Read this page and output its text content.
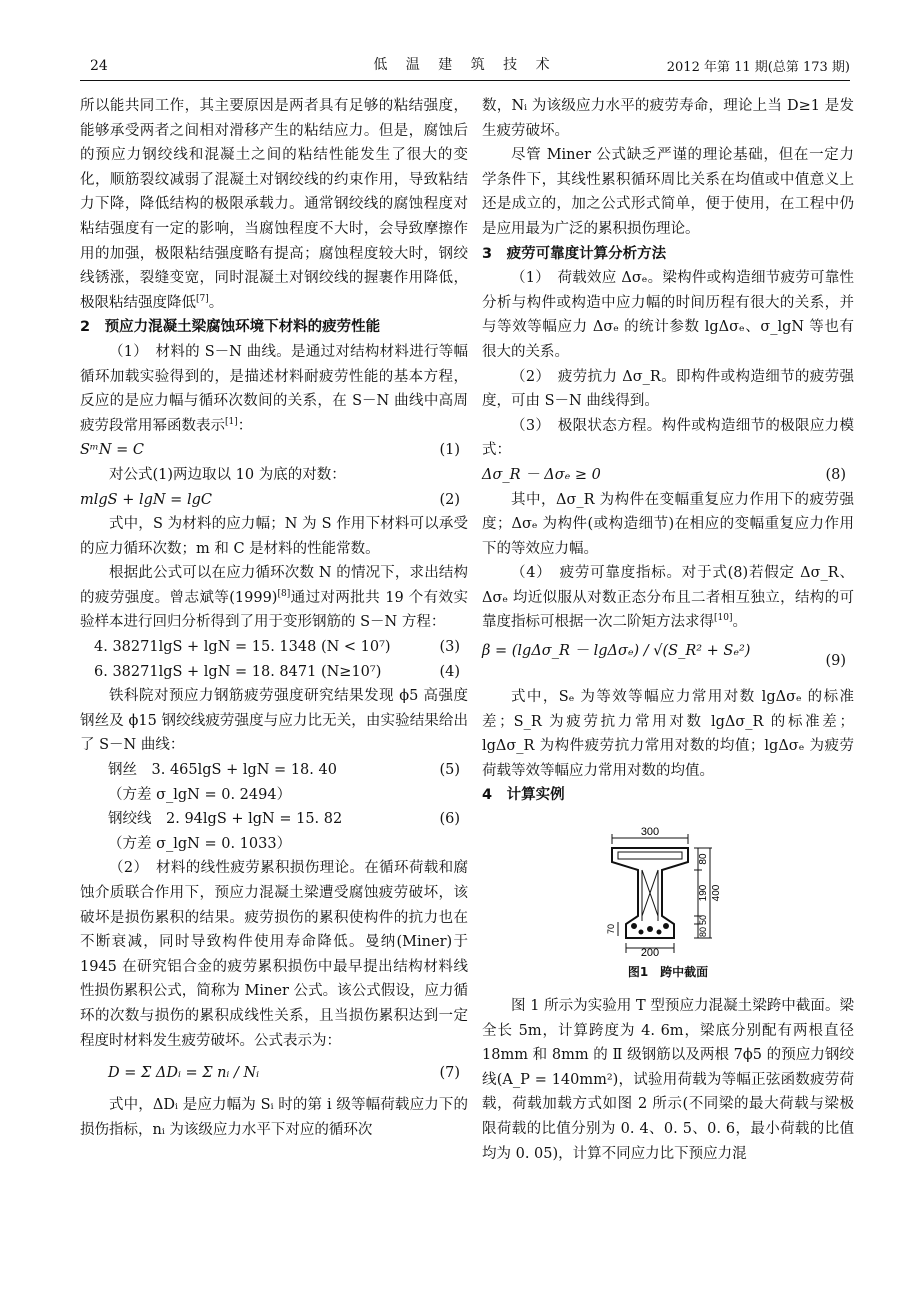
24	低 温 建 筑 技 术	2012 年第 11 期(总第 173 期)

所以能共同工作，其主要原因是两者具有足够的粘结强度，能够承受两者之间相对滑移产生的粘结应力。但是，腐蚀后的预应力钢绞线和混凝土之间的粘结性能发生了很大的变化，顺筋裂纹减弱了混凝土对钢绞线的约束作用，导致粘结力下降，降低结构的极限承载力。通常钢绞线的腐蚀程度对粘结强度有一定的影响，当腐蚀程度不大时，会导致摩擦作用的加强，极限粘结强度略有提高；腐蚀程度较大时，钢绞线锈涨，裂缝变宽，同时混凝土对钢绞线的握裹作用降低，极限粘结强度降低[7]。

2　预应力混凝土梁腐蚀环境下材料的疲劳性能

（1）　材料的 S－N 曲线。是通过对结构材料进行等幅循环加载实验得到的，是描述材料耐疲劳性能的基本方程，反应的是应力幅与循环次数间的关系，在 S－N 曲线中高周疲劳段常用幂函数表示[1]：

SᵐN = C	(1)

对公式(1)两边取以 10 为底的对数：

mlgS + lgN = lgC	(2)

式中，S 为材料的应力幅；N 为 S 作用下材料可以承受的应力循环次数；m 和 C 是材料的性能常数。

根据此公式可以在应力循环次数 N 的情况下，求出结构的疲劳强度。曾志斌等(1999)[8]通过对两批共 19 个有效实验样本进行回归分析得到了用于变形钢筋的 S－N 方程：

4. 38271lgS + lgN = 15. 1348 (N < 10⁷)	(3)
6. 38271lgS + lgN = 18. 8471 (N≥10⁷)	(4)

铁科院对预应力钢筋疲劳强度研究结果发现 ϕ5 高强度钢丝及 ϕ15 钢绞线疲劳强度与应力比无关，由实验结果给出了 S－N 曲线：

钢丝　3. 465lgS + lgN = 18. 40	(5)
（方差 σ_lgN = 0. 2494）
钢绞线　2. 94lgS + lgN = 15. 82	(6)
（方差 σ_lgN = 0. 1033）

（2）　材料的线性疲劳累积损伤理论。在循环荷载和腐蚀介质联合作用下，预应力混凝土梁遭受腐蚀疲劳破坏，该破坏是损伤累积的结果。疲劳损伤的累积使构件的抗力也在不断衰减，同时导致构件使用寿命降低。曼纳(Miner)于 1945 在研究铝合金的疲劳累积损伤中最早提出结构材料线性损伤累积公式，简称为 Miner 公式。该公式假设，应力循环的次数与损伤的累积成线性关系，且当损伤累积达到一定程度时材料发生疲劳破坏。公式表示为：

D = Σ ΔDᵢ = Σ nᵢ / Nᵢ	(7)

式中，ΔDᵢ 是应力幅为 Sᵢ 时的第 i 级等幅荷载应力下的损伤指标，nᵢ 为该级应力水平下对应的循环次

数，Nᵢ 为该级应力水平的疲劳寿命，理论上当 D≥1 是发生疲劳破坏。

尽管 Miner 公式缺乏严谨的理论基础，但在一定力学条件下，其线性累积循环周比关系在均值或中值意义上还是成立的，加之公式形式简单，便于使用，在工程中仍是应用最为广泛的累积损伤理论。

3　疲劳可靠度计算分析方法

（1）　荷载效应 Δσₑ。梁构件或构造细节疲劳可靠性分析与构件或构造中应力幅的时间历程有很大的关系，并与等效等幅应力 Δσₑ 的统计参数 lgΔσₑ、σ_lgN 等也有很大的关系。

（2）　疲劳抗力 Δσ_R。即构件或构造细节的疲劳强度，可由 S－N 曲线得到。

（3）　极限状态方程。构件或构造细节的极限应力模式：

Δσ_R － Δσₑ ≥ 0	(8)

其中，Δσ_R 为构件在变幅重复应力作用下的疲劳强度；Δσₑ 为构件(或构造细节)在相应的变幅重复应力作用下的等效应力幅。

（4）　疲劳可靠度指标。对于式(8)若假定 Δσ_R、Δσₑ 均近似服从对数正态分布且二者相互独立，结构的可靠度指标可根据一次二阶矩方法求得[10]。

β = (lgΔσ_R － lgΔσₑ) / √(S_R² + Sₑ²)
(9)

式中，Sₑ 为等效等幅应力常用对数 lgΔσₑ 的标准差；S_R 为疲劳抗力常用对数 lgΔσ_R 的标准差；lgΔσ_R 为构件疲劳抗力常用对数的均值；lgΔσₑ 为疲劳荷载等效等幅应力常用对数的均值。

4　计算实例

300
200
80
190
50
80
400
70
图1　跨中截面

图 1 所示为实验用 T 型预应力混凝土梁跨中截面。梁全长 5m，计算跨度为 4. 6m，梁底分别配有两根直径 18mm 和 8mm 的 Ⅱ 级钢筋以及两根 7ϕ5 的预应力钢绞线(A_P = 140mm²)，试验用荷载为等幅正弦函数疲劳荷载，荷载加载方式如图 2 所示(不同梁的最大荷载与梁极限荷载的比值分别为 0. 4、0. 5、0. 6，最小荷载的比值均为 0. 05)，计算不同应力比下预应力混
